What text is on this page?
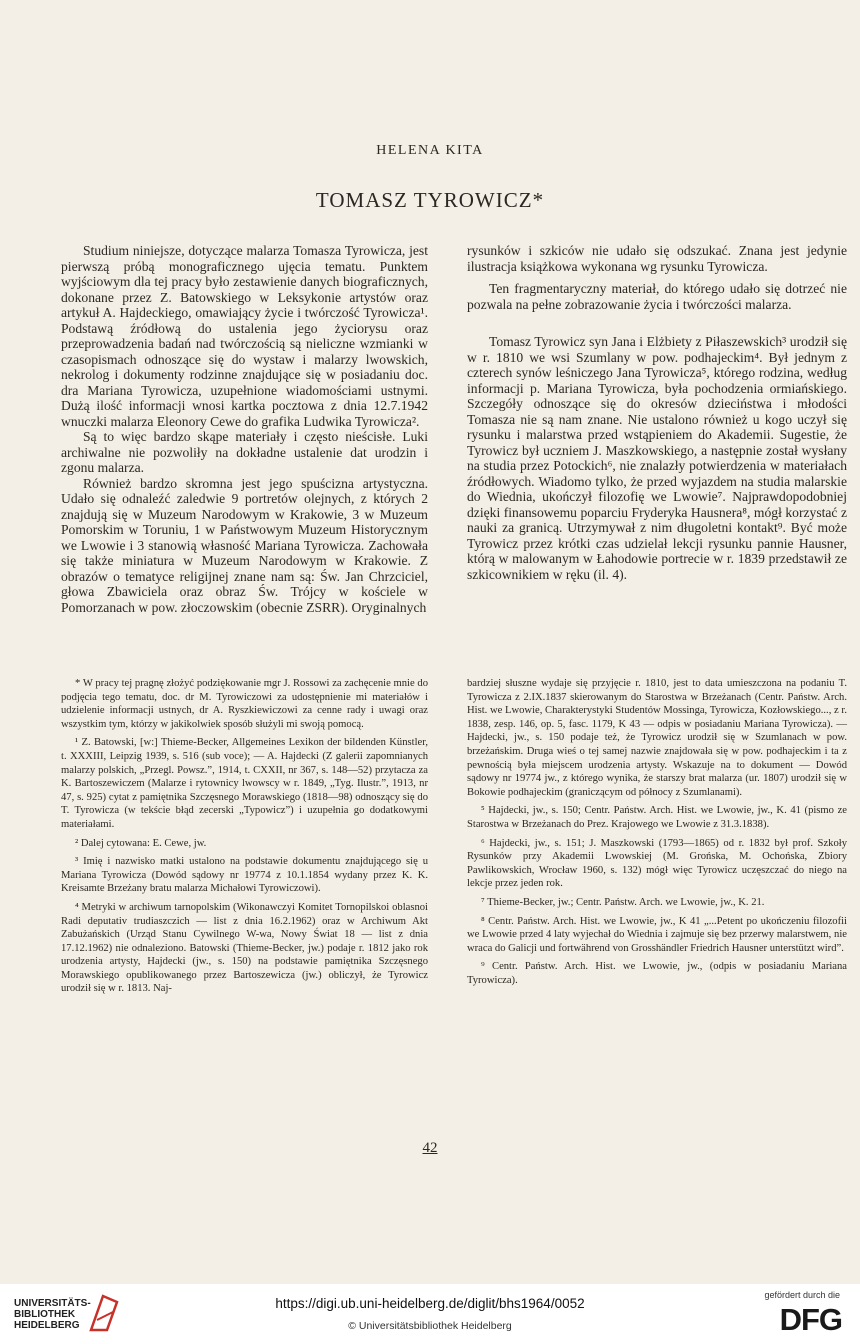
HELENA KITA
TOMASZ TYROWICZ*

Studium niniejsze, dotyczące malarza Tomasza Tyrowicza, jest pierwszą próbą monograficznego ujęcia tematu. Punktem wyjściowym dla tej pracy było zestawienie danych biograficznych, dokonane przez Z. Batowskiego w Leksykonie artystów oraz artykuł A. Hajdeckiego, omawiający życie i twórczość Tyrowicza¹. Podstawą źródłową do ustalenia jego życiorysu oraz przeprowadzenia badań nad twórczością są nieliczne wzmianki w czasopismach odnoszące się do wystaw i malarzy lwowskich, nekrolog i dokumenty rodzinne znajdujące się w posiadaniu doc. dra Mariana Tyrowicza, uzupełnione wiadomościami ustnymi. Dużą ilość informacji wnosi kartka pocztowa z dnia 12.7.1942 wnuczki malarza Eleonory Cewe do grafika Ludwika Tyrowicza².

Są to więc bardzo skąpe materiały i często nieścisłe. Luki archiwalne nie pozwoliły na dokładne ustalenie dat urodzin i zgonu malarza.

Również bardzo skromna jest jego spuścizna artystyczna. Udało się odnaleźć zaledwie 9 portretów olejnych, z których 2 znajdują się w Muzeum Narodowym w Krakowie, 3 w Muzeum Pomorskim w Toruniu, 1 w Państwowym Muzeum Historycznym we Lwowie i 3 stanowią własność Mariana Tyrowicza. Zachowała się także miniatura w Muzeum Narodowym w Krakowie. Z obrazów o tematyce religijnej znane nam są: Św. Jan Chrzciciel, głowa Zbawiciela oraz obraz Św. Trójcy w kościele w Pomorzanach w pow. złoczowskim (obecnie ZSRR). Oryginalnych

rysunków i szkiców nie udało się odszukać. Znana jest jedynie ilustracja książkowa wykonana wg rysunku Tyrowicza.

Ten fragmentaryczny materiał, do którego udało się dotrzeć nie pozwala na pełne zobrazowanie życia i twórczości malarza.

Tomasz Tyrowicz syn Jana i Elżbiety z Piłaszewskich³ urodził się w r. 1810 we wsi Szumlany w pow. podhajeckim⁴. Był jednym z czterech synów leśniczego Jana Tyrowicza⁵, którego rodzina, według informacji p. Mariana Tyrowicza, była pochodzenia ormiańskiego. Szczegóły odnoszące się do okresów dzieciństwa i młodości Tomasza nie są nam znane. Nie ustalono również u kogo uczył się rysunku i malarstwa przed wstąpieniem do Akademii. Sugestie, że Tyrowicz był uczniem J. Maszkowskiego, a następnie został wysłany na studia przez Potockich⁶, nie znalazły potwierdzenia w materiałach źródłowych. Wiadomo tylko, że przed wyjazdem na studia malarskie do Wiednia, ukończył filozofię we Lwowie⁷. Najprawdopodobniej dzięki finansowemu poparciu Fryderyka Hausnera⁸, mógł korzystać z nauki za granicą. Utrzymywał z nim długoletni kontakt⁹. Być może Tyrowicz przez krótki czas udzielał lekcji rysunku pannie Hausner, którą w malowanym w Łahodowie portrecie w r. 1839 przedstawił ze szkicownikiem w ręku (il. 4).

* W pracy tej pragnę złożyć podziękowanie mgr J. Rossowi za zachęcenie mnie do podjęcia tego tematu, doc. dr M. Tyrowiczowi za udostępnienie mi materiałów i udzielenie informacji ustnych, dr A. Ryszkiewiczowi za cenne rady i uwagi oraz wszystkim tym, którzy w jakikolwiek sposób służyli mi swoją pomocą.

¹ Z. Batowski, [w:] Thieme-Becker, Allgemeines Lexikon der bildenden Künstler, t. XXXIII, Leipzig 1939, s. 516 (sub voce); — A. Hajdecki (Z galerii zapomnianych malarzy polskich, „Przegl. Powsz.”, 1914, t. CXXII, nr 367, s. 148—52) przytacza za K. Bartoszewiczem (Malarze i rytownicy lwowscy w r. 1849, „Tyg. Ilustr.”, 1913, nr 47, s. 925) cytat z pamiętnika Szczęsnego Morawskiego (1818—98) odnoszący się do T. Tyrowicza (w tekście błąd zecerski „Typowicz”) i uzupełnia go dodatkowymi materiałami.

² Dalej cytowana: E. Cewe, jw.

³ Imię i nazwisko matki ustalono na podstawie dokumentu znajdującego się u Mariana Tyrowicza (Dowód sądowy nr 19774 z 10.1.1854 wydany przez K. K. Kreisamte Brzeżany bratu malarza Michałowi Tyrowiczowi).

⁴ Metryki w archiwum tarnopolskim (Wikonawczyi Komitet Tornopilskoi oblasnoi Radi deputativ trudiaszczich — list z dnia 16.2.1962) oraz w Archiwum Akt Zabużańskich (Urząd Stanu Cywilnego W-wa, Nowy Świat 18 — list z dnia 17.12.1962) nie odnaleziono. Batowski (Thieme-Becker, jw.) podaje r. 1812 jako rok urodzenia artysty, Hajdecki (jw., s. 150) na podstawie pamiętnika Szczęsnego Morawskiego opublikowanego przez Bartoszewicza (jw.) obliczył, że Tyrowicz urodził się w r. 1813. Naj-

bardziej słuszne wydaje się przyjęcie r. 1810, jest to data umieszczona na podaniu T. Tyrowicza z 2.IX.1837 skierowanym do Starostwa w Brzeżanach (Centr. Państw. Arch. Hist. we Lwowie, Charakterystyki Studentów Mossinga, Tyrowicza, Kozłowskiego..., z r. 1838, zesp. 146, op. 5, fasc. 1179, K 43 — odpis w posiadaniu Mariana Tyrowicza). — Hajdecki, jw., s. 150 podaje też, że Tyrowicz urodził się w Szumlanach w pow. brzeżańskim. Druga wieś o tej samej nazwie znajdowała się w pow. podhajeckim i ta z pewnością była miejscem urodzenia artysty. Wskazuje na to dokument — Dowód sądowy nr 19774 jw., z którego wynika, że starszy brat malarza (ur. 1807) urodził się w Bokowie podhajeckim (graniczącym od północy z Szumlanami).

⁵ Hajdecki, jw., s. 150; Centr. Państw. Arch. Hist. we Lwowie, jw., K. 41 (pismo ze Starostwa w Brzeżanach do Prez. Krajowego we Lwowie z 31.3.1838).

⁶ Hajdecki, jw., s. 151; J. Maszkowski (1793—1865) od r. 1832 był prof. Szkoły Rysunków przy Akademii Lwowskiej (M. Grońska, M. Ochońska, Zbiory Pawlikowskich, Wrocław 1960, s. 132) mógł więc Tyrowicz uczęszczać do niego na lekcje przez jeden rok.

⁷ Thieme-Becker, jw.; Centr. Państw. Arch. we Lwowie, jw., K. 21.

⁸ Centr. Państw. Arch. Hist. we Lwowie, jw., K 41 „...Petent po ukończeniu filozofii we Lwowie przed 4 laty wyjechał do Wiednia i zajmuje się bez przerwy malarstwem, nie wraca do Galicji und fortwährend von Grosshändler Friedrich Hausner unterstützt wird”.

⁹ Centr. Państw. Arch. Hist. we Lwowie, jw., (odpis w posiadaniu Mariana Tyrowicza).

42
UNIVERSITÄTS-
BIBLIOTHEK
HEIDELBERG
https://digi.ub.uni-heidelberg.de/diglit/bhs1964/0052
© Universitätsbibliothek Heidelberg
gefördert durch die
DFG
